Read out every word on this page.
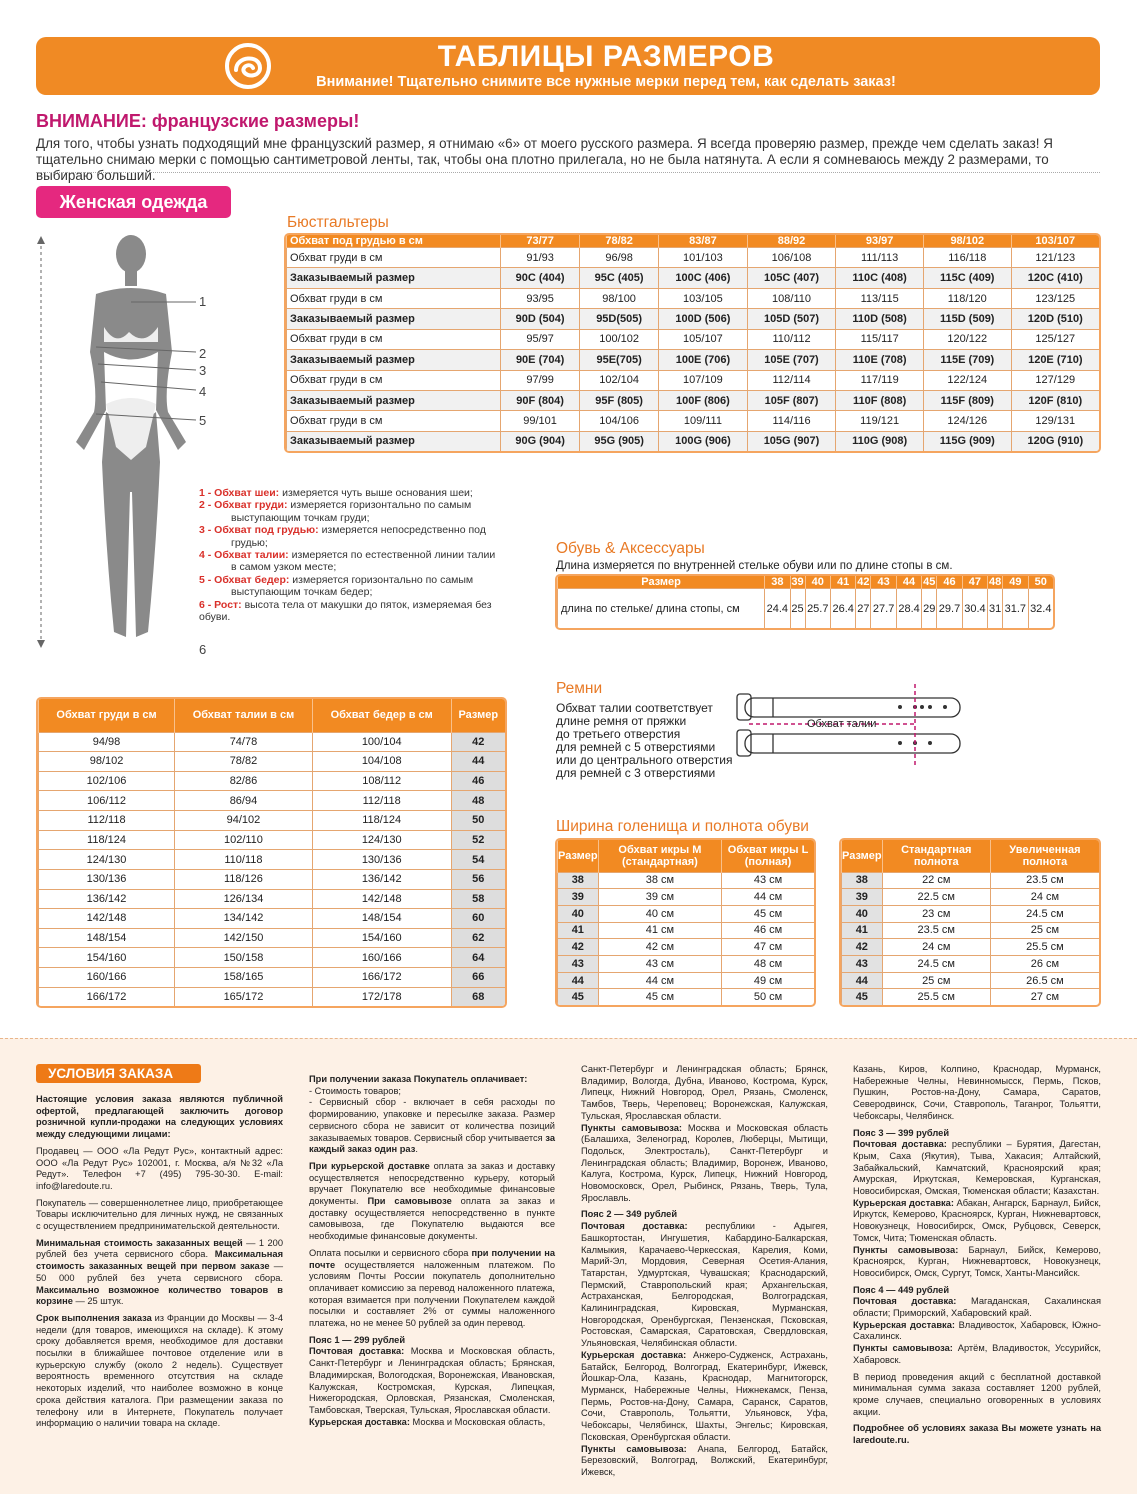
ТАБЛИЦЫ РАЗМЕРОВ
Внимание! Тщательно снимите все нужные мерки перед тем, как сделать заказ!
ВНИМАНИЕ: французские размеры!
Для того, чтобы узнать подходящий мне французский размер, я отнимаю «6» от моего русского размера. Я всегда проверяю размер, прежде чем сделать заказ! Я тщательно снимаю мерки с помощью сантиметровой ленты, так, чтобы она плотно прилегала, но не была натянута. А если я сомневаюсь между 2 размерами, то выбираю больший.
Женская одежда
1
2
3
4
5
6
1 - Обхват шеи: измеряется чуть выше основания шеи;
2 - Обхват груди: измеряется горизонтально по самым
выступающим точкам груди;
3 - Обхват под грудью: измеряется непосредственно под
грудью;
4 - Обхват талии: измеряется по естественной линии талии
в самом узком месте;
5 - Обхват бедер: измеряется горизонтально по самым
выступающим точкам бедер;
6 - Рост: высота тела от макушки до пяток, измеряемая без обуви.
Бюстгальтеры
Обхват под грудью в см	73/77	78/82	83/87	88/92	93/97	98/102	103/107
Обхват груди в см	91/93	96/98	101/103	106/108	111/113	116/118	121/123
Заказываемый размер	90C (404)	95C (405)	100C (406)	105C (407)	110C (408)	115C (409)	120C (410)
Обхват груди в см	93/95	98/100	103/105	108/110	113/115	118/120	123/125
Заказываемый размер	90D (504)	95D(505)	100D (506)	105D (507)	110D (508)	115D (509)	120D (510)
Обхват груди в см	95/97	100/102	105/107	110/112	115/117	120/122	125/127
Заказываемый размер	90E (704)	95E(705)	100E (706)	105E (707)	110E (708)	115E (709)	120E (710)
Обхват груди в см	97/99	102/104	107/109	112/114	117/119	122/124	127/129
Заказываемый размер	90F (804)	95F (805)	100F (806)	105F (807)	110F (808)	115F (809)	120F (810)
Обхват груди в см	99/101	104/106	109/111	114/116	119/121	124/126	129/131
Заказываемый размер	90G (904)	95G (905)	100G (906)	105G (907)	110G (908)	115G (909)	120G (910)
Обувь & Аксессуары
Длина измеряется по внутренней стельке обуви или по длине стопы в см.
Размер	38	39	40	41	42	43	44	45	46	47	48	49	50
длина по стельке/ длина стопы, см	24.4	25	25.7	26.4	27	27.7	28.4	29	29.7	30.4	31	31.7	32.4
Ремни
Обхват талии соответствует
длине ремня от пряжки
до третьего отверстия
для ремней с 5 отверстиями
или до центрального отверстия
для ремней с 3 отверстиями
Обхват талии
Обхват груди в см	Обхват талии в см	Обхват бедер в см	Размер
94/98	74/78	100/104	42
98/102	78/82	104/108	44
102/106	82/86	108/112	46
106/112	86/94	112/118	48
112/118	94/102	118/124	50
118/124	102/110	124/130	52
124/130	110/118	130/136	54
130/136	118/126	136/142	56
136/142	126/134	142/148	58
142/148	134/142	148/154	60
148/154	142/150	154/160	62
154/160	150/158	160/166	64
160/166	158/165	166/172	66
166/172	165/172	172/178	68
Ширина голенища и полнота обуви
Размер	Обхват икры M (стандартная)	Обхват икры L (полная)
38	38 см	43 см
39	39 см	44 см
40	40 см	45 см
41	41 см	46 см
42	42 см	47 см
43	43 см	48 см
44	44 см	49 см
45	45 см	50 см
Размер	Стандартная полнота	Увеличенная полнота
38	22 см	23.5 см
39	22.5 см	24 см
40	23 см	24.5 см
41	23.5 см	25 см
42	24 см	25.5 см
43	24.5 см	26 см
44	25 см	26.5 см
45	25.5 см	27 см
УСЛОВИЯ ЗАКАЗА

Настоящие условия заказа являются публичной офертой, предлагающей заключить договор розничной купли-продажи на следующих условиях между следующими лицами:

Продавец — ООО «Ла Редут Рус», контактный адрес: ООО «Ла Редут Рус» 102001, г. Москва, а/я №32 «Ла Редут». Телефон +7 (495) 795-30-30. E-mail: info@laredoute.ru.

Покупатель — совершеннолетнее лицо, приобретающее Товары исключительно для личных нужд, не связанных с осуществлением предпринимательской деятельности.

Минимальная стоимость заказанных вещей — 1 200 рублей без учета сервисного сбора. Максимальная стоимость заказанных вещей при первом заказе — 50 000 рублей без учета сервисного сбора. Максимально возможное количество товаров в корзине — 25 штук.

Срок выполнения заказа из Франции до Москвы — 3-4 недели (для товаров, имеющихся на складе). К этому сроку добавляется время, необходимое для доставки посылки в ближайшее почтовое отделение или в курьерскую службу (около 2 недель). Существует вероятность временного отсутствия на складе некоторых изделий, что наиболее возможно в конце срока действия каталога. При размещении заказа по телефону или в Интернете, Покупатель получает информацию о наличии товара на складе.

При получении заказа Покупатель оплачивает:
- Стоимость товаров;
- Сервисный сбор - включает в себя расходы по формированию, упаковке и пересылке заказа. Размер сервисного сбора не зависит от количества позиций заказываемых товаров. Сервисный сбор учитывается за каждый заказ один раз.

При курьерской доставке оплата за заказ и доставку осуществляется непосредственно курьеру, который вручает Покупателю все необходимые финансовые документы. При самовывозе оплата за заказ и доставку осуществляется непосредственно в пункте самовывоза, где Покупателю выдаются все необходимые финансовые документы.

Оплата посылки и сервисного сбора при получении на почте осуществляется наложенным платежом. По условиям Почты России покупатель дополнительно оплачивает комиссию за перевод наложенного платежа, которая взимается при получении Покупателем каждой посылки и составляет 2% от суммы наложенного платежа, но не менее 50 рублей за один перевод.

Пояс 1 — 299 рублей
Почтовая доставка: Москва и Московская область, Санкт-Петербург и Ленинградская область; Брянская, Владимирская, Вологодская, Воронежская, Ивановская, Калужская, Костромская, Курская, Липецкая, Нижегородская, Орловская, Рязанская, Смоленская, Тамбовская, Тверская, Тульская, Ярославская области.
Курьерская доставка: Москва и Московская область,

Санкт-Петербург и Ленинградская область; Брянск, Владимир, Вологда, Дубна, Иваново, Кострома, Курск, Липецк, Нижний Новгород, Орел, Рязань, Смоленск, Тамбов, Тверь, Череповец; Воронежская, Калужская, Тульская, Ярославская области.
Пункты самовывоза: Москва и Московская область (Балашиха, Зеленоград, Королев, Люберцы, Мытищи, Подольск, Электросталь), Санкт-Петербург и Ленинградская область; Владимир, Воронеж, Иваново, Калуга, Кострома, Курск, Липецк, Нижний Новгород, Новомосковск, Орел, Рыбинск, Рязань, Тверь, Тула, Ярославль.

Пояс 2 — 349 рублей
Почтовая доставка: республики - Адыгея, Башкортостан, Ингушетия, Кабардино-Балкарская, Калмыкия, Карачаево-Черкесская, Карелия, Коми, Марий-Эл, Мордовия, Северная Осетия-Алания, Татарстан, Удмуртская, Чувашская; Краснодарский, Пермский, Ставропольский края; Архангельская, Астраханская, Белгородская, Волгоградская, Калининградская, Кировская, Мурманская, Новгородская, Оренбургская, Пензенская, Псковская, Ростовская, Самарская, Саратовская, Свердловская, Ульяновская, Челябинская области.
Курьерская доставка: Анжеро-Судженск, Астрахань, Батайск, Белгород, Волгоград, Екатеринбург, Ижевск, Йошкар-Ола, Казань, Краснодар, Магнитогорск, Мурманск, Набережные Челны, Нижнекамск, Пенза, Пермь, Ростов-на-Дону, Самара, Саранск, Саратов, Сочи, Ставрополь, Тольятти, Ульяновск, Уфа, Чебоксары, Челябинск, Шахты, Энгельс; Кировская, Псковская, Оренбургская области.
Пункты самовывоза: Анапа, Белгород, Батайск, Березовский, Волгоград, Волжский, Екатеринбург, Ижевск,

Казань, Киров, Колпино, Краснодар, Мурманск, Набережные Челны, Невинномысск, Пермь, Псков, Пушкин, Ростов-на-Дону, Самара, Саратов, Северодвинск, Сочи, Ставрополь, Таганрог, Тольятти, Чебоксары, Челябинск.

Пояс 3 — 399 рублей
Почтовая доставка: республики – Бурятия, Дагестан, Крым, Саха (Якутия), Тыва, Хакасия; Алтайский, Забайкальский, Камчатский, Красноярский края; Амурская, Иркутская, Кемеровская, Курганская, Новосибирская, Омская, Тюменская области; Казахстан.
Курьерская доставка: Абакан, Ангарск, Барнаул, Бийск, Иркутск, Кемерово, Красноярск, Курган, Нижневартовск, Новокузнецк, Новосибирск, Омск, Рубцовск, Северск, Томск, Чита; Тюменская область.
Пункты самовывоза: Барнаул, Бийск, Кемерово, Красноярск, Курган, Нижневартовск, Новокузнецк, Новосибирск, Омск, Сургут, Томск, Ханты-Мансийск.

Пояс 4 — 449 рублей
Почтовая доставка: Магаданская, Сахалинская области; Приморский, Хабаровский край.
Курьерская доставка: Владивосток, Хабаровск, Южно-Сахалинск.
Пункты самовывоза: Артём, Владивосток, Уссурийск, Хабаровск.

В период проведения акций с бесплатной доставкой минимальная сумма заказа составляет 1200 рублей, кроме случаев, специально оговоренных в условиях акции.

Подробнее об условиях заказа Вы можете узнать на laredoute.ru.
